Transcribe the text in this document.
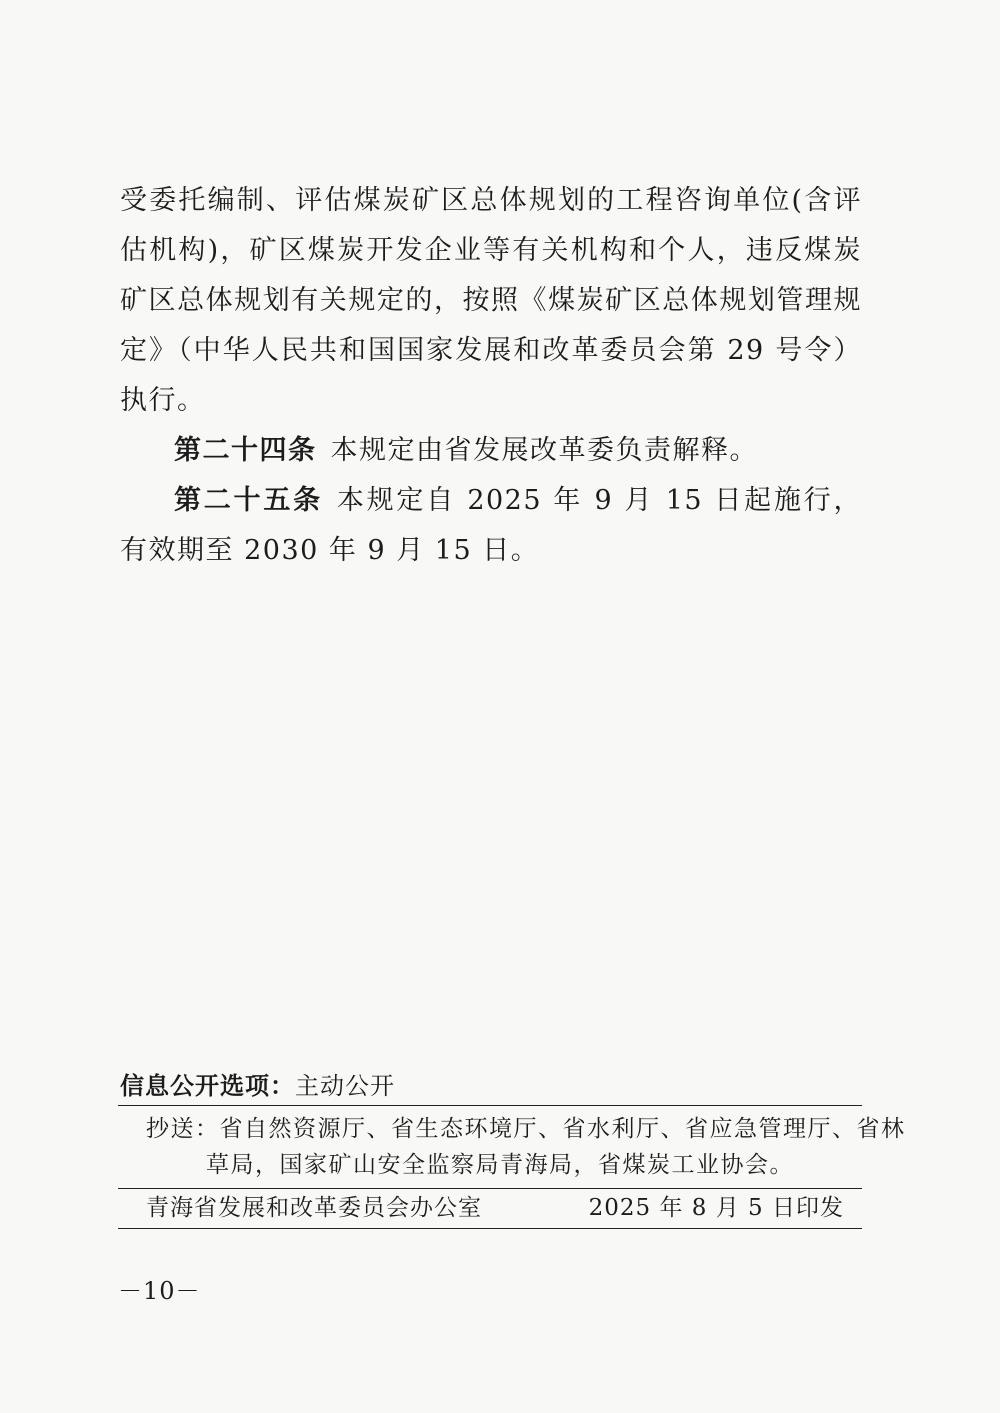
受委托编制、评估煤炭矿区总体规划的工程咨询单位(含评估机构)，矿区煤炭开发企业等有关机构和个人，违反煤炭矿区总体规划有关规定的，按照《煤炭矿区总体规划管理规定》（中华人民共和国国家发展和改革委员会第 29 号令）执行。

第二十四条 本规定由省发展改革委负责解释。

第二十五条 本规定自 2025 年 9 月 15 日起施行，有效期至 2030 年 9 月 15 日。

信息公开选项：主动公开

抄送：省自然资源厅、省生态环境厅、省水利厅、省应急管理厅、省林

草局，国家矿山安全监察局青海局，省煤炭工业协会。

青海省发展和改革委员会办公室	2025 年 8 月 5 日印发
－10－
